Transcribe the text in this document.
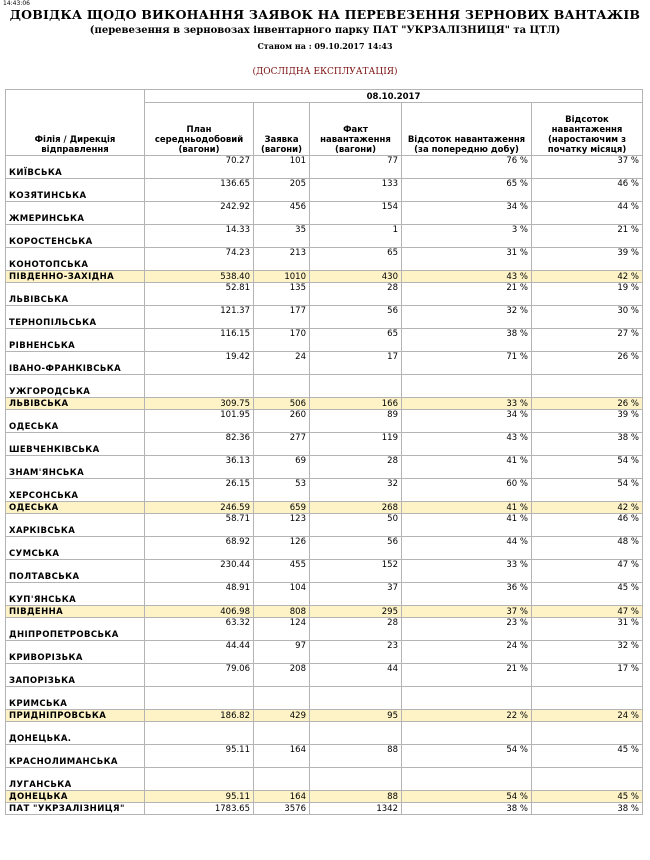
14:43:06
ДОВІДКА ЩОДО ВИКОНАННЯ ЗАЯВОК НА ПЕРЕВЕЗЕННЯ ЗЕРНОВИХ ВАНТАЖІВ
(перевезення в зерновозах інвентарного парку ПАТ "УКРЗАЛІЗНИЦЯ" та ЦТЛ)
Станом на : 09.10.2017 14:43
(ДОСЛІДНА ЕКСПЛУАТАЦІЯ)
Філія / Дирекція відправлення	08.10.2017				
	План середньодобовий (вагони)	Заявка (вагони)	Факт навантаження (вагони)	Відсоток навантаження (за попередню добу)	Відсоток навантаження (наростаючим з початку місяця)
КИЇВСЬКА	70.27	101	77	76 %	37 %
КОЗЯТИНСЬКА	136.65	205	133	65 %	46 %
ЖМЕРИНСЬКА	242.92	456	154	34 %	44 %
КОРОСТЕНСЬКА	14.33	35	1	3 %	21 %
КОНОТОПСЬКА	74.23	213	65	31 %	39 %
ПІВДЕННО-ЗАХІДНА	538.40	1010	430	43 %	42 %
ЛЬВІВСЬКА	52.81	135	28	21 %	19 %
ТЕРНОПІЛЬСЬКА	121.37	177	56	32 %	30 %
РІВНЕНСЬКА	116.15	170	65	38 %	27 %
ІВАНО-ФРАНКІВСЬКА	19.42	24	17	71 %	26 %
УЖГОРОДСЬКА					
ЛЬВІВСЬКА	309.75	506	166	33 %	26 %
ОДЕСЬКА	101.95	260	89	34 %	39 %
ШЕВЧЕНКІВСЬКА	82.36	277	119	43 %	38 %
ЗНАМ'ЯНСЬКА	36.13	69	28	41 %	54 %
ХЕРСОНСЬКА	26.15	53	32	60 %	54 %
ОДЕСЬКА	246.59	659	268	41 %	42 %
ХАРКІВСЬКА	58.71	123	50	41 %	46 %
СУМСЬКА	68.92	126	56	44 %	48 %
ПОЛТАВСЬКА	230.44	455	152	33 %	47 %
КУП'ЯНСЬКА	48.91	104	37	36 %	45 %
ПІВДЕННА	406.98	808	295	37 %	47 %
ДНІПРОПЕТРОВСЬКА	63.32	124	28	23 %	31 %
КРИВОРІЗЬКА	44.44	97	23	24 %	32 %
ЗАПОРІЗЬКА	79.06	208	44	21 %	17 %
КРИМСЬКА					
ПРИДНІПРОВСЬКА	186.82	429	95	22 %	24 %
ДОНЕЦЬКА.					
КРАСНОЛИМАНСЬКА	95.11	164	88	54 %	45 %
ЛУГАНСЬКА					
ДОНЕЦЬКА	95.11	164	88	54 %	45 %
ПАТ "УКРЗАЛІЗНИЦЯ"	1783.65	3576	1342	38 %	38 %
